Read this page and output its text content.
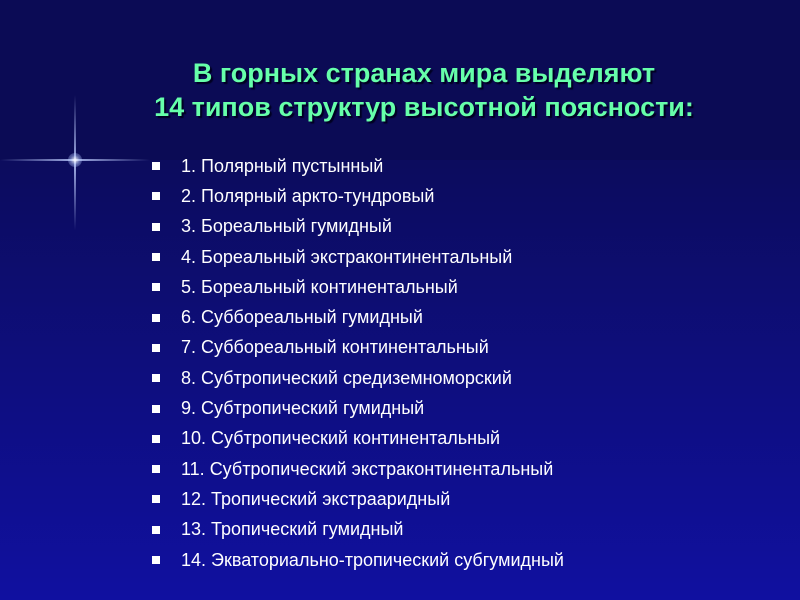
В горных странах мира выделяют
14 типов структур высотной поясности:
1. Полярный пустынный
2. Полярный аркто-тундровый
3. Бореальный гумидный
4. Бореальный экстраконтинентальный
5. Бореальный континентальный
6. Суббореальный гумидный
7. Суббореальный континентальный
8. Субтропический средиземноморский
9. Субтропический гумидный
10. Субтропический континентальный
11. Субтропический экстраконтинентальный
12. Тропический экстрааридный
13. Тропический гумидный
14. Экваториально-тропический субгумидный
